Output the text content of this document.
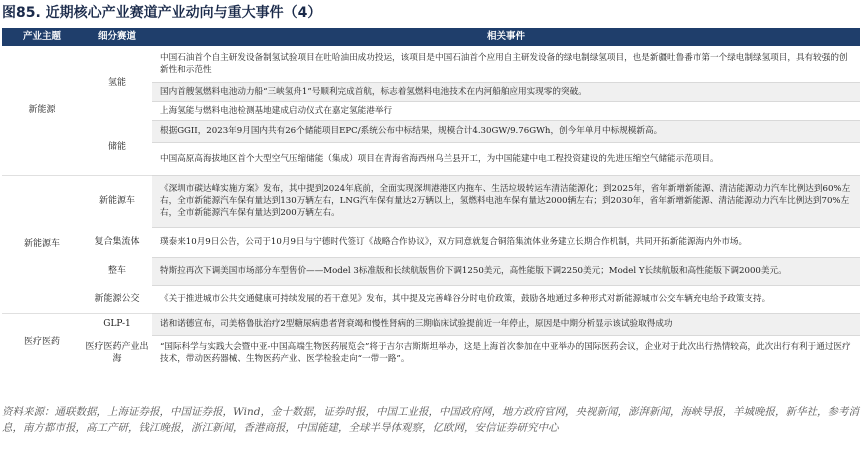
图85. 近期核心产业赛道产业动向与重大事件（4）
产业主题	细分赛道	相关事件
新能源	氢能	中国石油首个自主研发设备制氢试验项目在吐哈油田成功投运，该项目是中国石油首个应用自主研发设备的绿电制绿氢项目，也是新疆吐鲁番市第一个绿电制绿氢项目，具有较强的创新性和示范性
		国内首艘氢燃料电池动力船“三峡氢舟1”号顺利完成首航，标志着氢燃料电池技术在内河船舶应用实现零的突破。
		上海氢能与燃料电池检测基地建成启动仪式在嘉定氢能港举行
	储能	根据GGII，2023年9月国内共有26个储能项目EPC/系统公布中标结果，规模合计4.30GW/9.76GWh，创今年单月中标规模新高。
		中国高原高海拔地区首个大型空气压缩储能（集成）项目在青海省海西州乌兰县开工，为中国能建中电工程投资建设的先进压缩空气储能示范项目。
新能源车	新能源车	《深圳市碳达峰实施方案》发布，其中提到2024年底前，全面实现深圳港港区内拖车、生活垃圾转运车清洁能源化；到2025年，省年新增新能源、清洁能源动力汽车比例达到60%左右，全市新能源汽车保有量达到130万辆左右，LNG汽车保有量达2万辆以上，氢燃料电池车保有量达2000辆左右；到2030年，省年新增新能源、清洁能源动力汽车比例达到70%左右，全市新能源汽车保有量达到200万辆左右。
	复合集流体	璞泰来10月9日公告，公司于10月9日与宁德时代签订《战略合作协议》，双方同意就复合铜箔集流体业务建立长期合作机制，共同开拓新能源海内外市场。
	整车	特斯拉再次下调美国市场部分车型售价——Model 3标准版和长续航版售价下调1250美元，高性能版下调2250美元；Model Y长续航版和高性能版下调2000美元。
	新能源公交	《关于推进城市公共交通健康可持续发展的若干意见》发布，其中提及完善峰谷分时电价政策，鼓励各地通过多种形式对新能源城市公交车辆充电给予政策支持。
医疗医药	GLP-1	诺和诺德宣布，司美格鲁肽治疗2型糖尿病患者肾衰竭和慢性肾病的三期临床试验提前近一年停止，原因是中期分析显示该试验取得成功
	医疗医药产业出海	“国际科学与实践大会暨中亚-中国高端生物医药展览会”将于吉尔吉斯斯坦举办，这是上海首次参加在中亚举办的国际医药会议，企业对于此次出行热情较高，此次出行有利于通过医疗技术，带动医药器械、生物医药产业、医学检验走向“一带一路”。
资料来源：通联数据，上海证券报，中国证券报，Wind，金十数据，证券时报，中国工业报，中国政府网，地方政府官网，央视新闻，澎湃新闻，海峡导报，羊城晚报，新华社，参考消息，南方都市报，高工产研，钱江晚报，浙江新闻，香港商报，中国能建，全球半导体观察，亿欧网，安信证券研究中心
